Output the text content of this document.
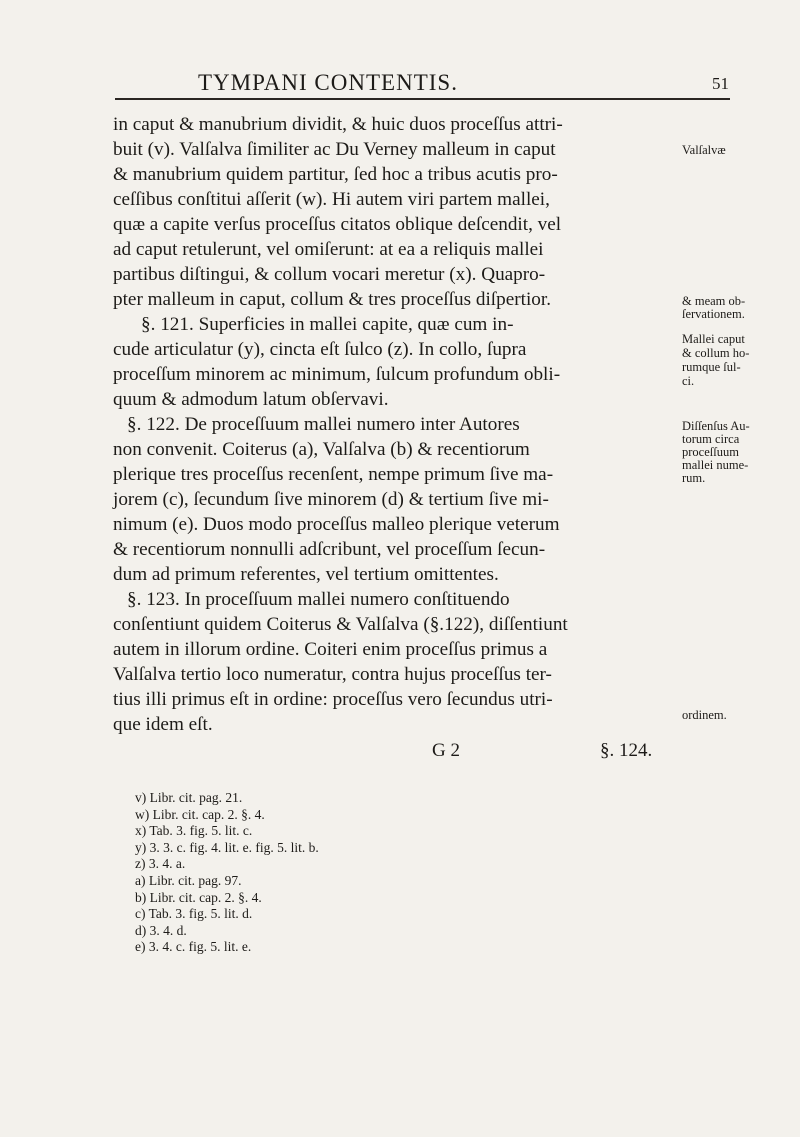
TYMPANI CONTENTIS.	51
in caput & manubrium dividit, & huic duos proceſſus attri-
buit (v). Valſalva ſimiliter ac Du Verney malleum in caput
& manubrium quidem partitur, ſed hoc a tribus acutis pro-
ceſſibus conſtitui aſſerit (w). Hi autem viri partem mallei,
quæ a capite verſus proceſſus citatos oblique deſcendit, vel
ad caput retulerunt, vel omiſerunt: at ea a reliquis mallei
partibus diſtingui, & collum vocari meretur (x). Quapro-
pter malleum in caput, collum & tres proceſſus diſpertior.
§. 121. Superficies in mallei capite, quæ cum in-
cude articulatur (y), cincta eſt ſulco (z). In collo, ſupra
proceſſum minorem ac minimum, ſulcum profundum obli-
quum & admodum latum obſervavi.
§. 122. De proceſſuum mallei numero inter Autores
non convenit. Coiterus (a), Valſalva (b) & recentiorum
plerique tres proceſſus recenſent, nempe primum ſive ma-
jorem (c), ſecundum ſive minorem (d) & tertium ſive mi-
nimum (e). Duos modo proceſſus malleo plerique veterum
& recentiorum nonnulli adſcribunt, vel proceſſum ſecun-
dum ad primum referentes, vel tertium omittentes.
§. 123. In proceſſuum mallei numero conſtituendo
conſentiunt quidem Coiterus & Valſalva (§.122), diſſentiunt
autem in illorum ordine. Coiteri enim proceſſus primus a
Valſalva tertio loco numeratur, contra hujus proceſſus ter-
tius illi primus eſt in ordine: proceſſus vero ſecundus utri-
que idem eſt.
Valſalvæ
& meam ob-
ſervationem.
Mallei caput
& collum ho-
rumque ſul-
ci.
Diſſenſus Au-
torum circa
proceſſuum
mallei nume-
rum.
ordinem.
G 2	§. 124.
v) Libr. cit. pag. 21.
w) Libr. cit. cap. 2. §. 4.
x) Tab. 3. fig. 5. lit. c.
y) 3. 3. c. fig. 4. lit. e. fig. 5. lit. b.
z) 3. 4. a.
a) Libr. cit. pag. 97.
b) Libr. cit. cap. 2. §. 4.
c) Tab. 3. fig. 5. lit. d.
d) 3. 4. d.
e) 3. 4. c. fig. 5. lit. e.
